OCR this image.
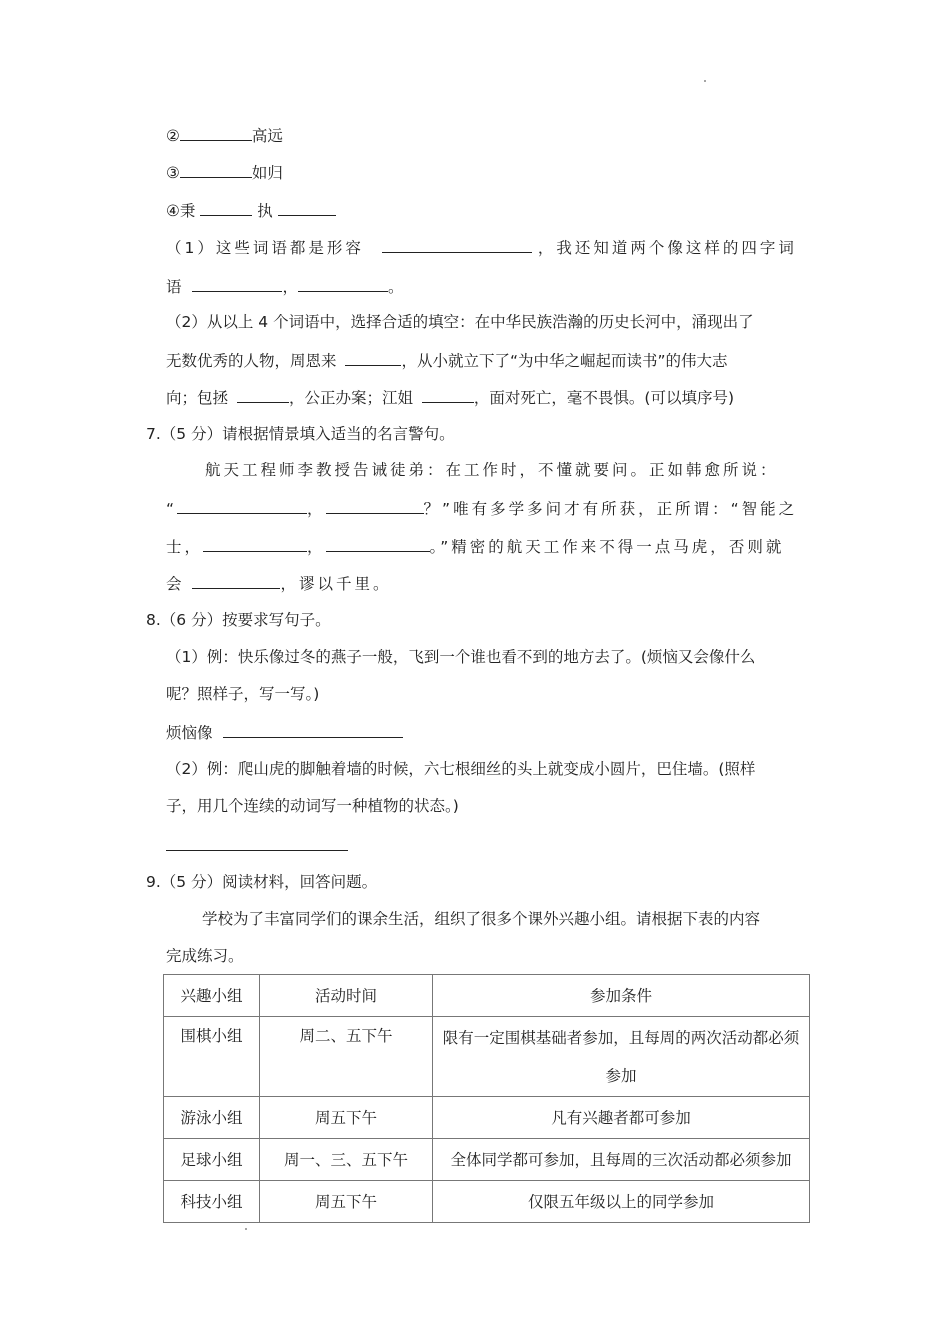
②	高远
③	如归
④秉	执
（1）这些词语都是形容	，我还知道两个像这样的四字词
语	，	。
（2）从以上 4 个词语中，选择合适的填空：在中华民族浩瀚的历史长河中，涌现出了
无数优秀的人物，周恩来	，从小就立下了“为中华之崛起而读书”的伟大志
向；包拯	，公正办案；江姐	，面对死亡，毫不畏惧。(可以填序号)
7.（5 分）请根据情景填入适当的名言警句。
航天工程师李教授告诫徒弟：在工作时，不懂就要问。正如韩愈所说：
“	，	？”唯有多学多问才有所获，正所谓：“智能之
士，	，	。”精密的航天工作来不得一点马虎，否则就
会	，谬以千里。
8.（6 分）按要求写句子。
（1）例：快乐像过冬的燕子一般，飞到一个谁也看不到的地方去了。(烦恼又会像什么
呢？照样子，写一写。)
烦恼像
（2）例：爬山虎的脚触着墙的时候，六七根细丝的头上就变成小圆片，巴住墙。(照样
子，用几个连续的动词写一种植物的状态。)
9.（5 分）阅读材料，回答问题。
学校为了丰富同学们的课余生活，组织了很多个课外兴趣小组。请根据下表的内容
完成练习。
兴趣小组	活动时间	参加条件
围棋小组	周二、五下午	限有一定围棋基础者参加，且每周的两次活动都必须参加
游泳小组	周五下午	凡有兴趣者都可参加
足球小组	周一、三、五下午	全体同学都可参加，且每周的三次活动都必须参加
科技小组	周五下午	仅限五年级以上的同学参加
